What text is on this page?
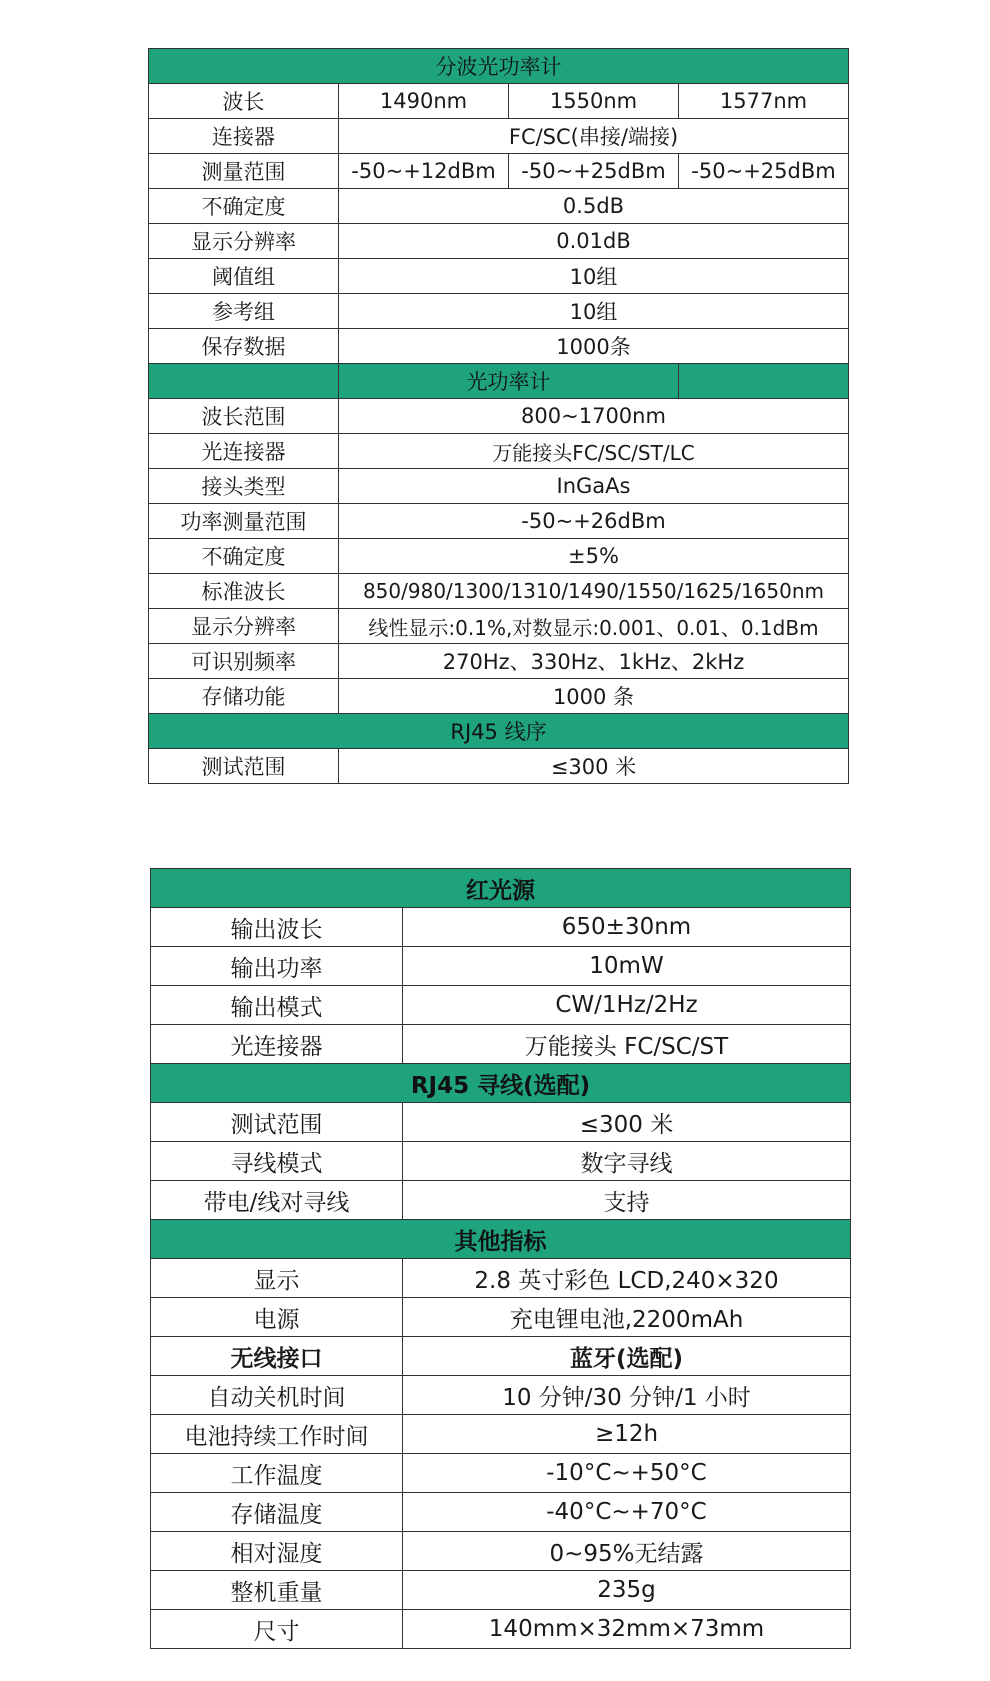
分波光功率计			
波长	1490nm	1550nm	1577nm
连接器	FC/SC(串接/端接)		
测量范围	-50~+12dBm	-50~+25dBm	-50~+25dBm
不确定度	0.5dB		
显示分辨率	0.01dB		
阈值组	10组		
参考组	10组		
保存数据	1000条		
	光功率计		
波长范围	800~1700nm		
光连接器	万能接头FC/SC/ST/LC		
接头类型	InGaAs		
功率测量范围	-50~+26dBm		
不确定度	±5%		
标准波长	850/980/1300/1310/1490/1550/1625/1650nm		
显示分辨率	线性显示:0.1%,对数显示:0.001、0.01、0.1dBm		
可识别频率	270Hz、330Hz、1kHz、2kHz		
存储功能	1000 条		
RJ45 线序			
测试范围	≤300 米		
红光源	
输出波长	650±30nm
输出功率	10mW
输出模式	CW/1Hz/2Hz
光连接器	万能接头 FC/SC/ST
RJ45 寻线(选配)	
测试范围	≤300 米
寻线模式	数字寻线
带电/线对寻线	支持
其他指标	
显示	2.8 英寸彩色 LCD,240×320
电源	充电锂电池,2200mAh
无线接口	蓝牙(选配)
自动关机时间	10 分钟/30 分钟/1 小时
电池持续工作时间	≥12h
工作温度	-10°C~+50°C
存储温度	-40°C~+70°C
相对湿度	0~95%无结露
整机重量	235g
尺寸	140mm×32mm×73mm
